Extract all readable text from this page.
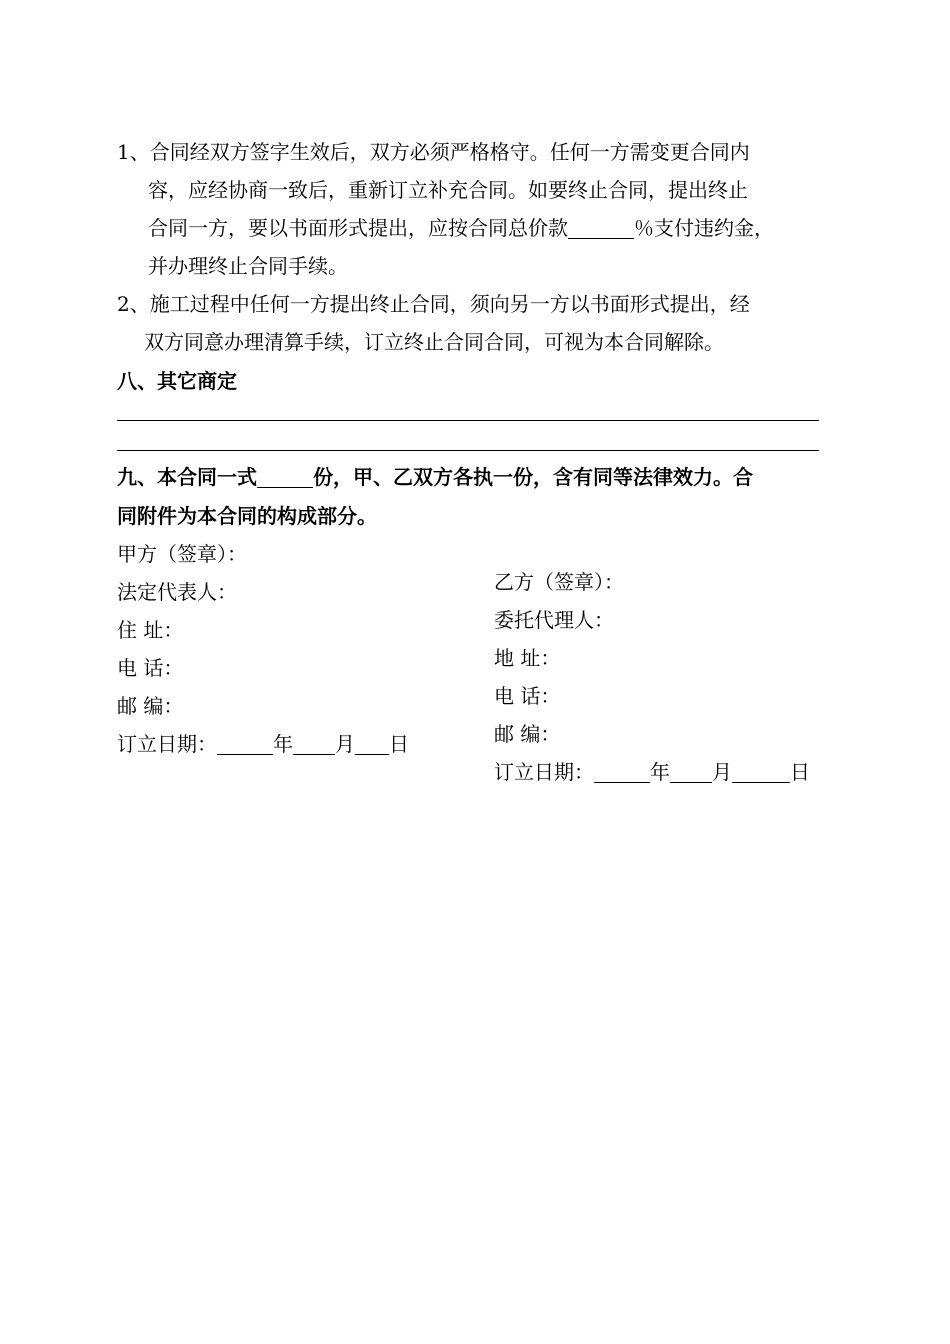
1、合同经双方签字生效后，双方必须严格格守。任何一方需变更合同内
容，应经协商一致后，重新订立补充合同。如要终止合同，提出终止
合同一方，要以书面形式提出，应按合同总价款	％支付违约金，
并办理终止合同手续。
2、施工过程中任何一方提出终止合同，须向另一方以书面形式提出，经
双方同意办理清算手续，订立终止合同合同，可视为本合同解除。
八、其它商定
九、本合同一式	份，甲、乙双方各执一份，含有同等法律效力。合
同附件为本合同的构成部分。
甲方（签章）：
法定代表人：
住 址：
电 话：
邮 编：
订立日期：	年 月 日
乙方（签章）：
委托代理人：
地 址：
电 话：
邮 编：
订立日期：	年 月	日
